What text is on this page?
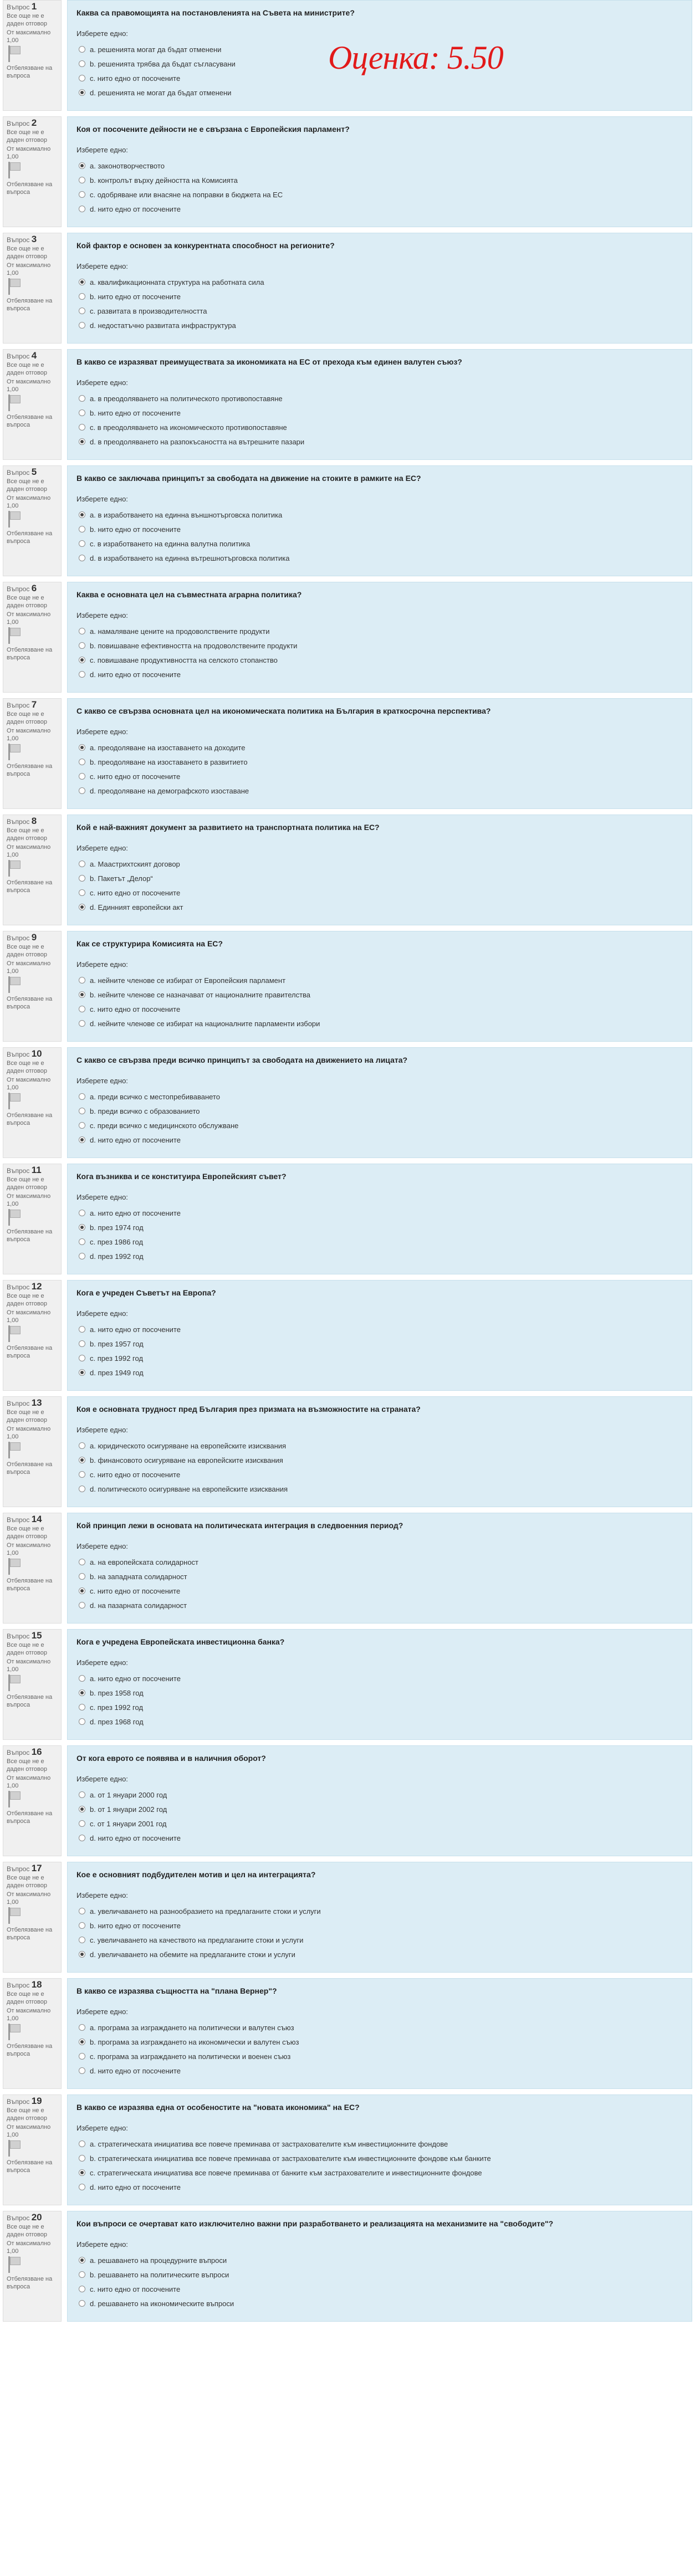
Оценка: 5.50
Въпрос 1
Все още не е даден отговор
От максимално 1,00
Отбелязване на въпроса
Каква са правомощията на постановленията на Съвета на министрите?
Изберете едно:
a. решенията могат да бъдат отменени
b. решенията трябва да бъдат съгласувани
c. нито едно от посочените
d. решенията не могат да бъдат отменени
Въпрос 2
Все още не е даден отговор
От максимално 1,00
Отбелязване на въпроса
Коя от посочените дейности не е свързана с Европейския парламент?
Изберете едно:
a. законотворчеството
b. контролът върху дейността на Комисията
c. одобряване или внасяне на поправки в бюджета на ЕС
d. нито едно от посочените
Въпрос 3
Все още не е даден отговор
От максимално 1,00
Отбелязване на въпроса
Кой фактор е основен за конкурентната способност на регионите?
Изберете едно:
a. квалификационната структура на работната сила
b. нито едно от посочените
c. развитата в производителността
d. недостатъчно развитата инфраструктура
Въпрос 4
Все още не е даден отговор
От максимално 1,00
Отбелязване на въпроса
В какво се изразяват преимуществата за икономиката на ЕС от прехода към единен валутен съюз?
Изберете едно:
a. в преодоляването на политическото противопоставяне
b. нито едно от посочените
c. в преодоляването на икономическото противопоставяне
d. в преодоляването на разпокъсаността на вътрешните пазари
Въпрос 5
Все още не е даден отговор
От максимално 1,00
Отбелязване на въпроса
В какво се заключава принципът за свободата на движение на стоките в рамките на ЕС?
Изберете едно:
a. в изработването на единна външнотърговска политика
b. нито едно от посочените
c. в изработването на единна валутна политика
d. в изработването на единна вътрешнотърговска политика
Въпрос 6
Все още не е даден отговор
От максимално 1,00
Отбелязване на въпроса
Каква е основната цел на съвместната аграрна политика?
Изберете едно:
a. намаляване цените на продоволствените продукти
b. повишаване ефективността на продоволствените продукти
c. повишаване продуктивността на селското стопанство
d. нито едно от посочените
Въпрос 7
Все още не е даден отговор
От максимално 1,00
Отбелязване на въпроса
С какво се свързва основната цел на икономическата политика на България в краткосрочна перспектива?
Изберете едно:
a. преодоляване на изоставането на доходите
b. преодоляване на изоставането в развитието
c. нито едно от посочените
d. преодоляване на демографското изоставане
Въпрос 8
Все още не е даден отговор
От максимално 1,00
Отбелязване на въпроса
Кой е най-важният документ за развитието на транспортната политика на ЕС?
Изберете едно:
a. Маастрихтският договор
b. Пакетът „Делор“
c. нито едно от посочените
d. Единният европейски акт
Въпрос 9
Все още не е даден отговор
От максимално 1,00
Отбелязване на въпроса
Как се структурира Комисията на ЕС?
Изберете едно:
a. нейните членове се избират от Европейския парламент
b. нейните членове се назначават от националните правителства
c. нито едно от посочените
d. нейните членове се избират на националните парламенти избори
Въпрос 10
Все още не е даден отговор
От максимално 1,00
Отбелязване на въпроса
С какво се свързва преди всичко принципът за свободата на движението на лицата?
Изберете едно:
a. преди всичко с местопребиваването
b. преди всичко с образованието
c. преди всичко с медицинското обслужване
d. нито едно от посочените
Въпрос 11
Все още не е даден отговор
От максимално 1,00
Отбелязване на въпроса
Кога възниква и се конституира Европейският съвет?
Изберете едно:
a. нито едно от посочените
b. през 1974 год
c. през 1986 год
d. през 1992 год
Въпрос 12
Все още не е даден отговор
От максимално 1,00
Отбелязване на въпроса
Кога е учреден Съветът на Европа?
Изберете едно:
a. нито едно от посочените
b. през 1957 год
c. през 1992 год
d. през 1949 год
Въпрос 13
Все още не е даден отговор
От максимално 1,00
Отбелязване на въпроса
Коя е основната трудност пред България през призмата на възможностите на страната?
Изберете едно:
a. юридическото осигуряване на европейските изисквания
b. финансовото осигуряване на европейските изисквания
c. нито едно от посочените
d. политическото осигуряване на европейските изисквания
Въпрос 14
Все още не е даден отговор
От максимално 1,00
Отбелязване на въпроса
Кой принцип лежи в основата на политическата интеграция в следвоенния период?
Изберете едно:
a. на европейската солидарност
b. на западната солидарност
c. нито едно от посочените
d. на пазарната солидарност
Въпрос 15
Все още не е даден отговор
От максимално 1,00
Отбелязване на въпроса
Кога е учредена Европейската инвестиционна банка?
Изберете едно:
a. нито едно от посочените
b. през 1958 год
c. през 1992 год
d. през 1968 год
Въпрос 16
Все още не е даден отговор
От максимално 1,00
Отбелязване на въпроса
От кога еврото се появява и в наличния оборот?
Изберете едно:
a. от 1 януари 2000 год
b. от 1 януари 2002 год
c. от 1 януари 2001 год
d. нито едно от посочените
Въпрос 17
Все още не е даден отговор
От максимално 1,00
Отбелязване на въпроса
Кое е основният подбудителен мотив и цел на интеграцията?
Изберете едно:
a. увеличаването на разнообразието на предлаганите стоки и услуги
b. нито едно от посочените
c. увеличаването на качеството на предлаганите стоки и услуги
d. увеличаването на обемите на предлаганите стоки и услуги
Въпрос 18
Все още не е даден отговор
От максимално 1,00
Отбелязване на въпроса
В какво се изразява същността на "плана Вернер"?
Изберете едно:
a. програма за изграждането на политически и валутен съюз
b. програма за изграждането на икономически и валутен съюз
c. програма за изграждането на политически и военен съюз
d. нито едно от посочените
Въпрос 19
Все още не е даден отговор
От максимално 1,00
Отбелязване на въпроса
В какво се изразява една от особеностите на "новата икономика" на ЕС?
Изберете едно:
a. стратегическата инициатива все повече преминава от застрахователите към инвестиционните фондове
b. стратегическата инициатива все повече преминава от застрахователите към инвестиционните фондове към банките
c. стратегическата инициатива все повече преминава от банките към застрахователите и инвестиционните фондове
d. нито едно от посочените
Въпрос 20
Все още не е даден отговор
От максимално 1,00
Отбелязване на въпроса
Кои въпроси се очертават като изключително важни при разработването и реализацията на механизмите на "свободите"?
Изберете едно:
a. решаването на процедурните въпроси
b. решаването на политическите въпроси
c. нито едно от посочените
d. решаването на икономическите въпроси
